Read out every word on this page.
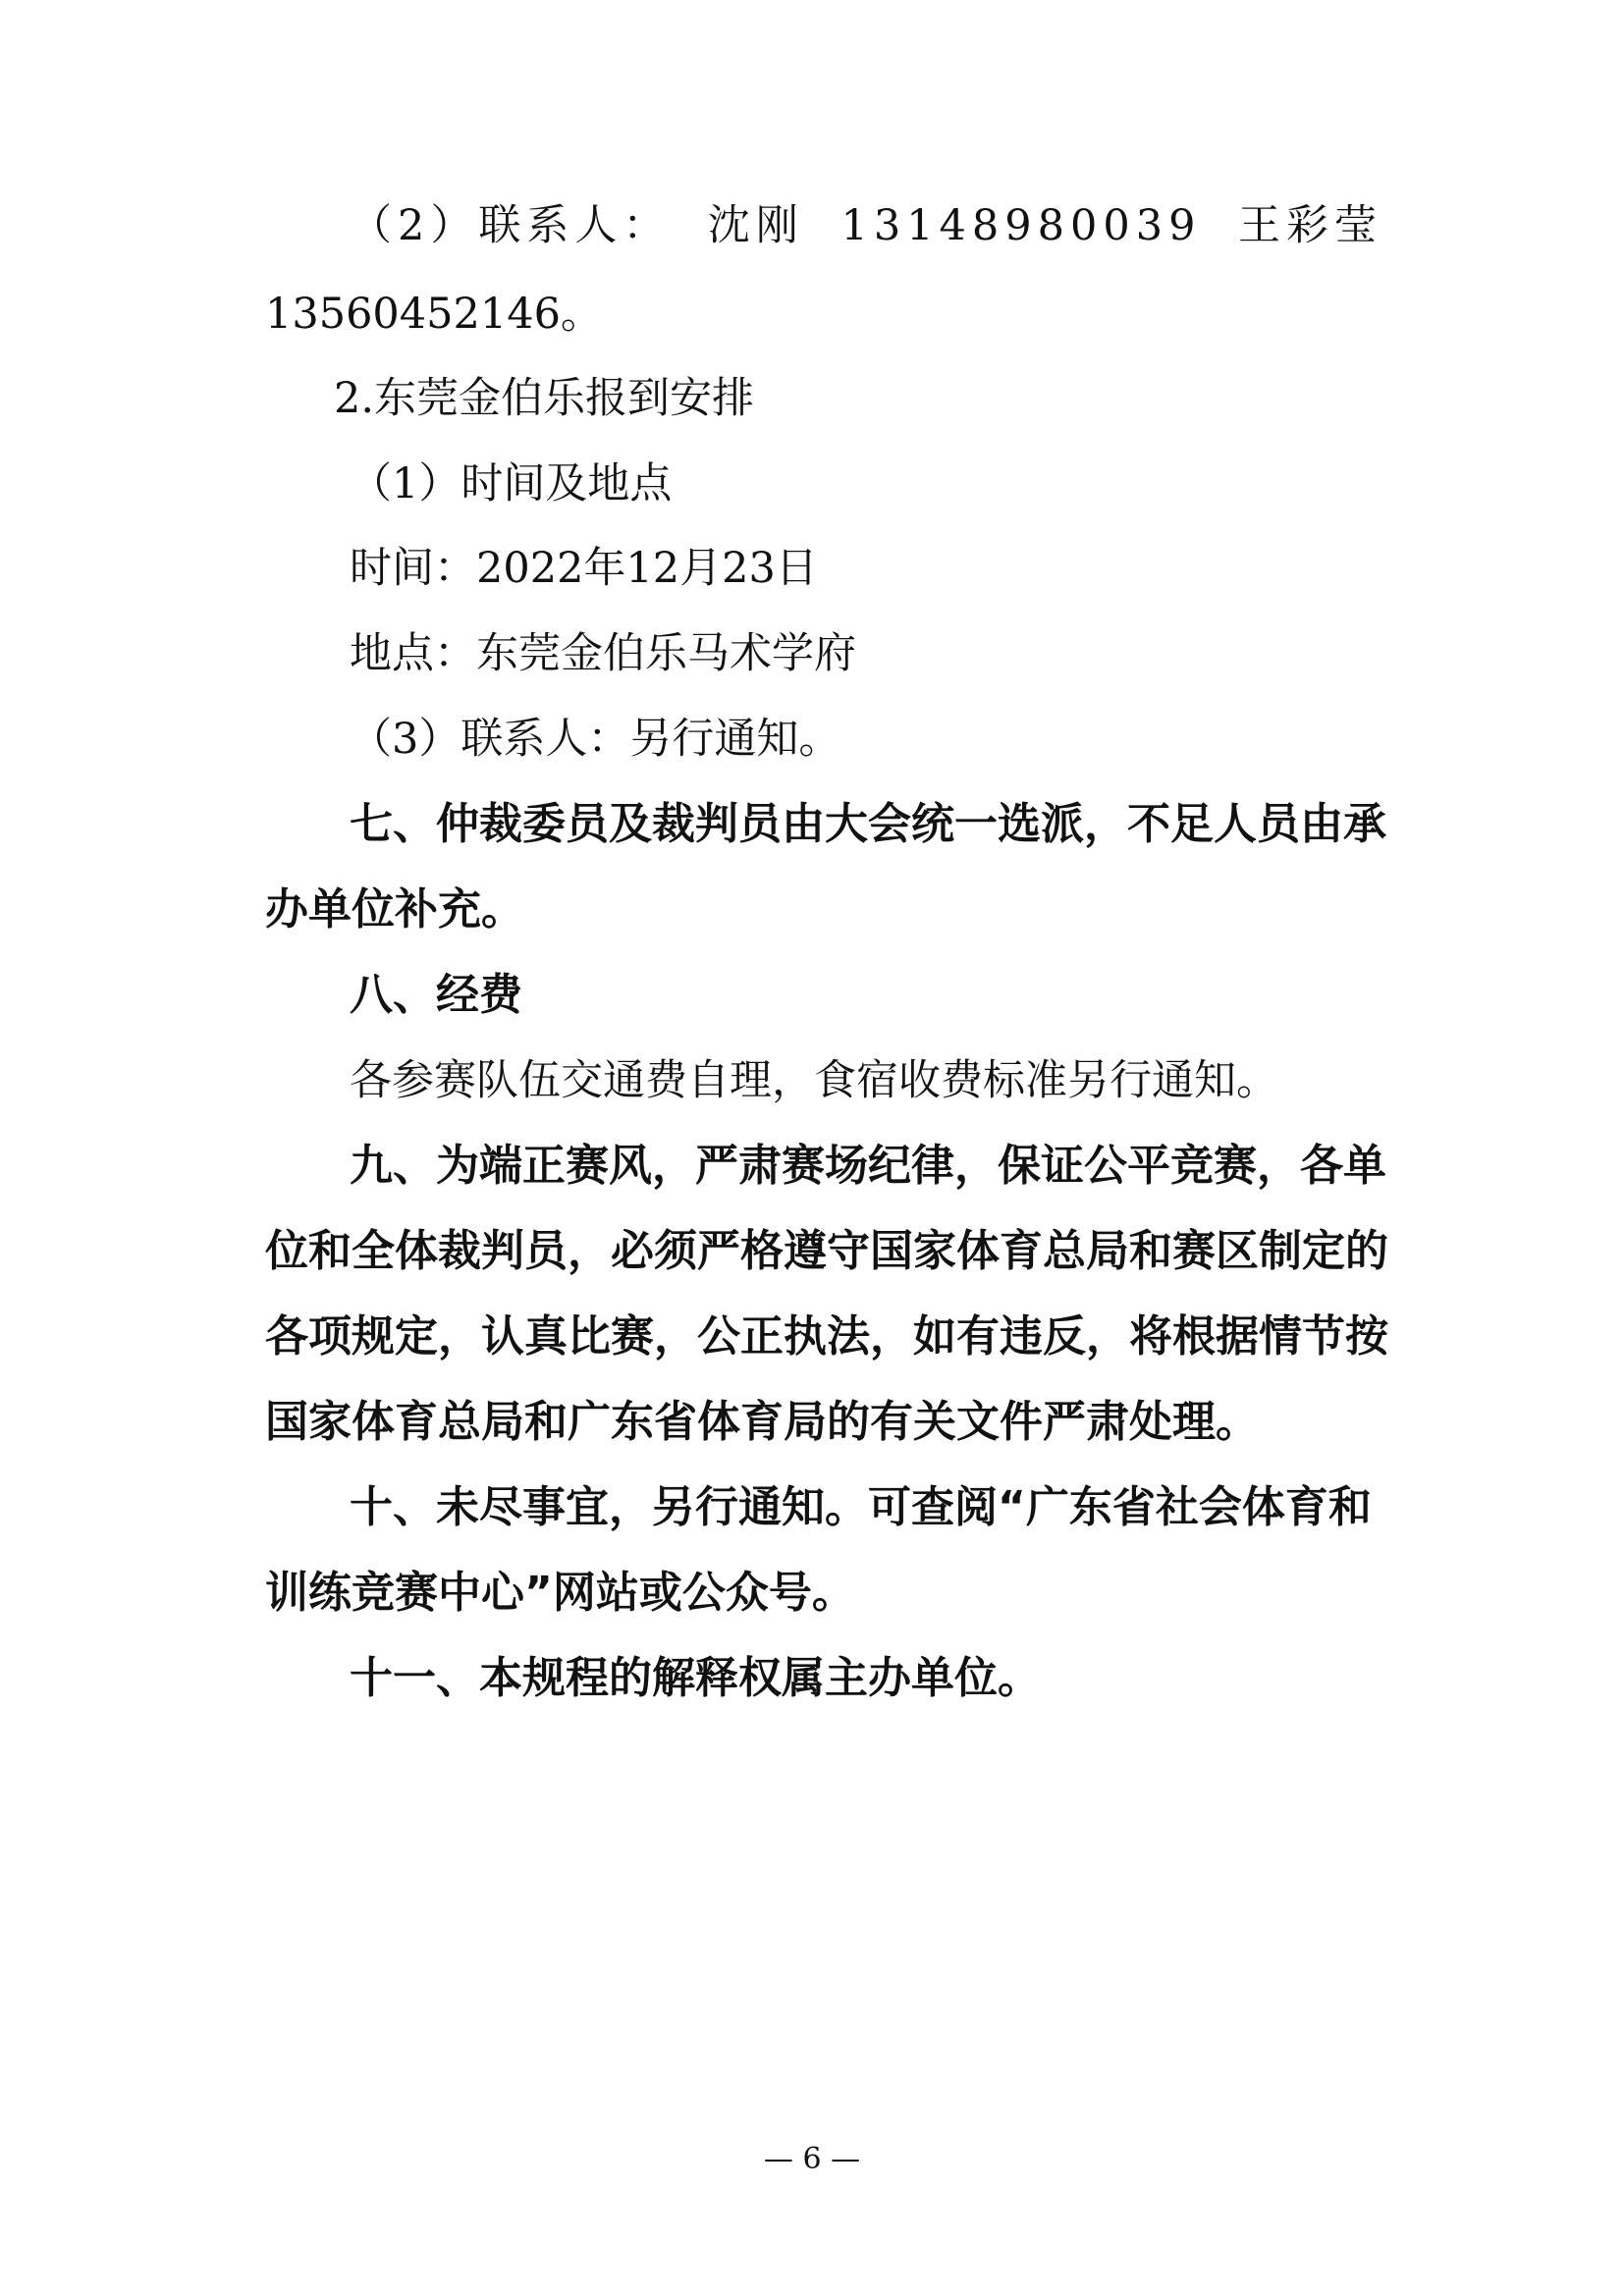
（2）联系人： 沈刚 13148980039 王彩莹
13560452146。
2.东莞金伯乐报到安排
（1）时间及地点
时间：2022年12月23日
地点：东莞金伯乐马术学府
（3）联系人：另行通知。
七、仲裁委员及裁判员由大会统一选派，不足人员由承
办单位补充。
八、经费
各参赛队伍交通费自理，食宿收费标准另行通知。
九、为端正赛风，严肃赛场纪律，保证公平竞赛，各单
位和全体裁判员，必须严格遵守国家体育总局和赛区制定的
各项规定，认真比赛，公正执法，如有违反，将根据情节按
国家体育总局和广东省体育局的有关文件严肃处理。
十、未尽事宜，另行通知。可查阅“广东省社会体育和
训练竞赛中心”网站或公众号。
十一、本规程的解释权属主办单位。
— 6 —
